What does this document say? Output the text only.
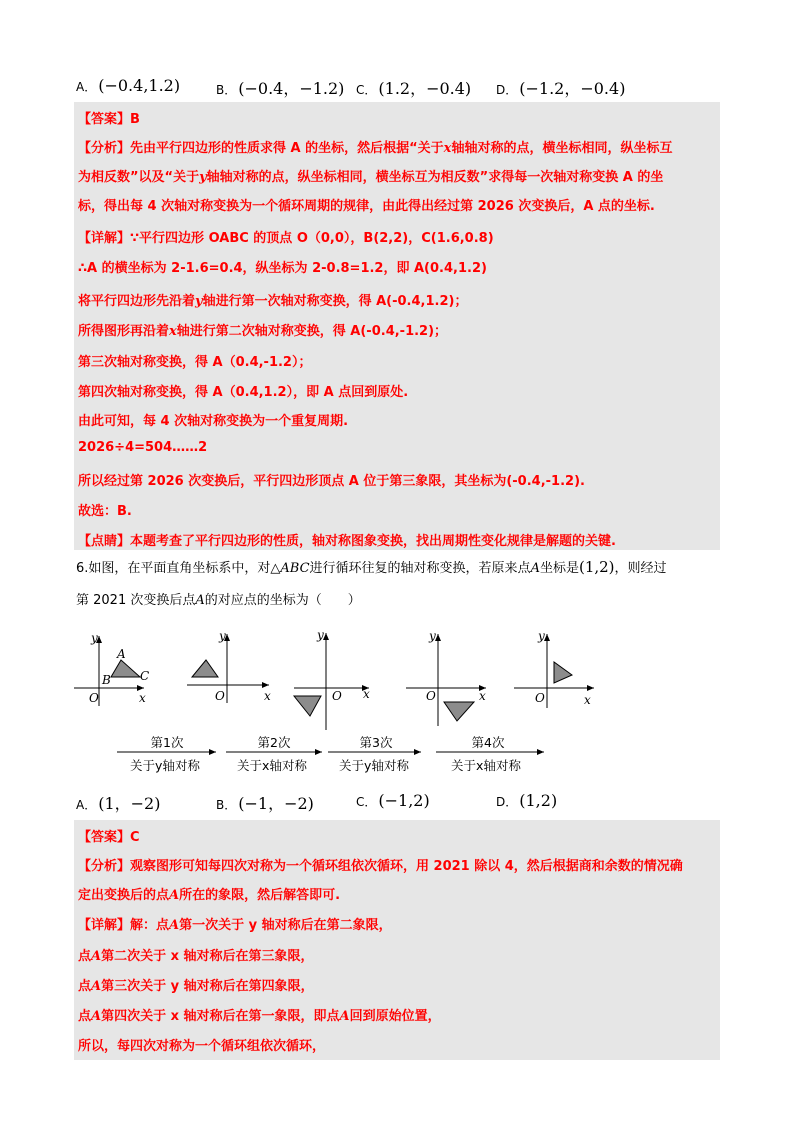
A． (−0.4,1.2)	B． (−0.4，−1.2) C． (1.2，−0.4) D． (−1.2，−0.4)
【答案】B
【分析】先由平行四边形的性质求得 A 的坐标，然后根据“关于x轴轴对称的点，横坐标相同，纵坐标互
为相反数”以及“关于y轴轴对称的点，纵坐标相同，横坐标互为相反数”求得每一次轴对称变换 A 的坐
标，得出每 4 次轴对称变换为一个循环周期的规律，由此得出经过第 2026 次变换后，A 点的坐标.
【详解】∵平行四边形 OABC 的顶点 O（0,0），B(2,2)，C(1.6,0.8)
∴A 的横坐标为 2-1.6=0.4，纵坐标为 2-0.8=1.2，即 A(0.4,1.2)
将平行四边形先沿着y轴进行第一次轴对称变换，得 A(-0.4,1.2)；
所得图形再沿着x轴进行第二次轴对称变换，得 A(-0.4,-1.2)；
第三次轴对称变换，得 A（0.4,-1.2）；
第四次轴对称变换，得 A（0.4,1.2），即 A 点回到原处.
由此可知，每 4 次轴对称变换为一个重复周期.
2026÷4=504……2
所以经过第 2026 次变换后，平行四边形顶点 A 位于第三象限，其坐标为(-0.4,-1.2).
故选：B.
【点睛】本题考查了平行四边形的性质，轴对称图象变换，找出周期性变化规律是解题的关键.
6.如图，在平面直角坐标系中，对△ABC进行循环往复的轴对称变换，若原来点A坐标是(1,2)，则经过
第 2021 次变换后点A的对应点的坐标为（　　）
A
B C
y
x
O
y
x
O
y
x
O
y
x
O
y
x
O
第1次
关于y轴对称
第2次
关于x轴对称
第3次
关于y轴对称
第4次
关于x轴对称
A． (1，−2)	B． (−1，−2)	C． (−1,2)	D． (1,2)
【答案】C
【分析】观察图形可知每四次对称为一个循环组依次循环，用 2021 除以 4，然后根据商和余数的情况确
定出变换后的点A所在的象限，然后解答即可.
【详解】解：点A第一次关于 y 轴对称后在第二象限，
点A第二次关于 x 轴对称后在第三象限，
点A第三次关于 y 轴对称后在第四象限，
点A第四次关于 x 轴对称后在第一象限，即点A回到原始位置，
所以，每四次对称为一个循环组依次循环，
